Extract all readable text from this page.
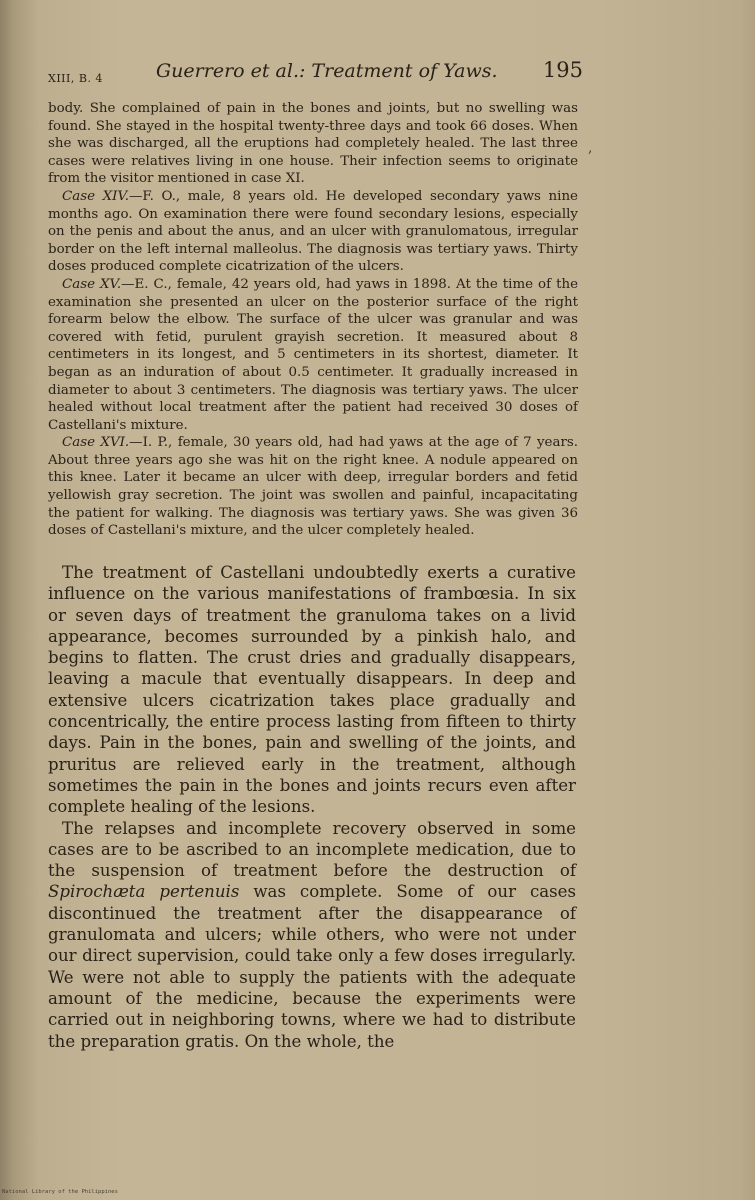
XIII, B. 4	Guerrero et al.: Treatment of Yaws. 195
,

body. She complained of pain in the bones and joints, but no swelling was found. She stayed in the hospital twenty-three days and took 66 doses. When she was discharged, all the eruptions had completely healed. The last three cases were relatives living in one house. Their infection seems to originate from the visitor mentioned in case XI.

Case XIV.—F. O., male, 8 years old. He developed secondary yaws nine months ago. On examination there were found secondary lesions, especially on the penis and about the anus, and an ulcer with granulomatous, irregular border on the left internal malleolus. The diagnosis was tertiary yaws. Thirty doses produced complete cicatrization of the ulcers.

Case XV.—E. C., female, 42 years old, had yaws in 1898. At the time of the examination she presented an ulcer on the posterior surface of the right forearm below the elbow. The surface of the ulcer was granular and was covered with fetid, purulent grayish secretion. It measured about 8 centimeters in its longest, and 5 centimeters in its shortest, diameter. It began as an induration of about 0.5 centimeter. It gradually increased in diameter to about 3 centimeters. The diagnosis was tertiary yaws. The ulcer healed without local treatment after the patient had received 30 doses of Castellani's mixture.

Case XVI.—I. P., female, 30 years old, had had yaws at the age of 7 years. About three years ago she was hit on the right knee. A nodule appeared on this knee. Later it became an ulcer with deep, irregular borders and fetid yellowish gray secretion. The joint was swollen and painful, incapacitating the patient for walking. The diagnosis was tertiary yaws. She was given 36 doses of Castellani's mixture, and the ulcer completely healed.

The treatment of Castellani undoubtedly exerts a curative influence on the various manifestations of frambœsia. In six or seven days of treatment the granuloma takes on a livid appearance, becomes surrounded by a pinkish halo, and begins to flatten. The crust dries and gradually disappears, leaving a macule that eventually disappears. In deep and extensive ulcers cicatrization takes place gradually and concentrically, the entire process lasting from fifteen to thirty days. Pain in the bones, pain and swelling of the joints, and pruritus are relieved early in the treatment, although sometimes the pain in the bones and joints recurs even after complete healing of the lesions.

The relapses and incomplete recovery observed in some cases are to be ascribed to an incomplete medication, due to the suspension of treatment before the destruction of Spirochæta pertenuis was complete. Some of our cases discontinued the treatment after the disappearance of granulomata and ulcers; while others, who were not under our direct supervision, could take only a few doses irregularly. We were not able to supply the patients with the adequate amount of the medicine, because the experiments were carried out in neighboring towns, where we had to distribute the preparation gratis. On the whole, the

National Library of the Philippines
